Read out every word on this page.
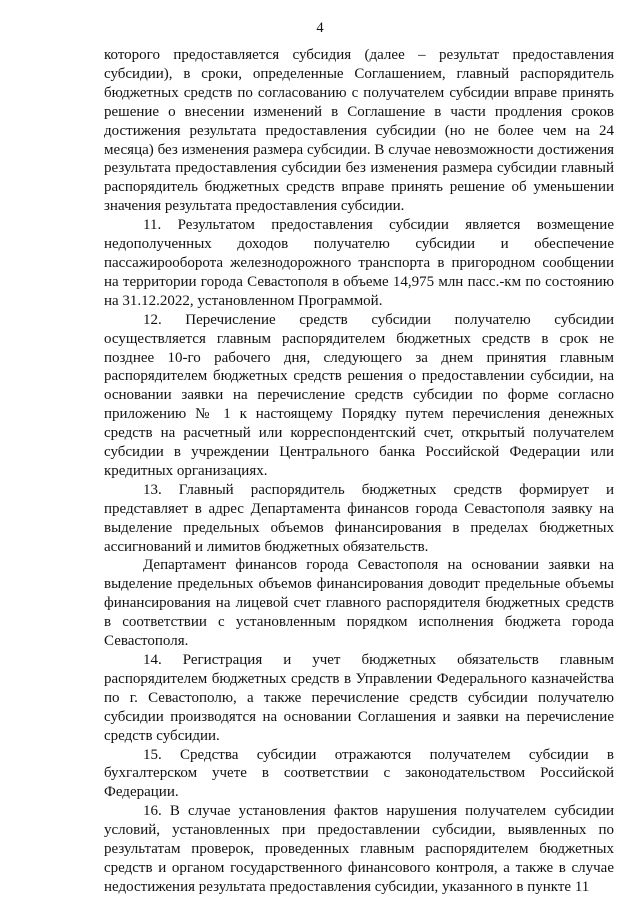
4

которого предоставляется субсидия (далее – результат предоставления субсидии), в сроки, определенные Соглашением, главный распорядитель бюджетных средств по согласованию с получателем субсидии вправе принять решение о внесении изменений в Соглашение в части продления сроков достижения результата предоставления субсидии (но не более чем на 24 месяца) без изменения размера субсидии. В случае невозможности достижения результата предоставления субсидии без изменения размера субсидии главный распорядитель бюджетных средств вправе принять решение об уменьшении значения результата предоставления субсидии.

11. Результатом предоставления субсидии является возмещение недополученных доходов получателю субсидии и обеспечение пассажирооборота железнодорожного транспорта в пригородном сообщении на территории города Севастополя в объеме 14,975 млн пасс.-км по состоянию на 31.12.2022, установленном Программой.

12. Перечисление средств субсидии получателю субсидии осуществляется главным распорядителем бюджетных средств в срок не позднее 10-го рабочего дня, следующего за днем принятия главным распорядителем бюджетных средств решения о предоставлении субсидии, на основании заявки на перечисление средств субсидии по форме согласно приложению № 1 к настоящему Порядку путем перечисления денежных средств на расчетный или корреспондентский счет, открытый получателем субсидии в учреждении Центрального банка Российской Федерации или кредитных организациях.

13. Главный распорядитель бюджетных средств формирует и представляет в адрес Департамента финансов города Севастополя заявку на выделение предельных объемов финансирования в пределах бюджетных ассигнований и лимитов бюджетных обязательств.

Департамент финансов города Севастополя на основании заявки на выделение предельных объемов финансирования доводит предельные объемы финансирования на лицевой счет главного распорядителя бюджетных средств в соответствии с установленным порядком исполнения бюджета города Севастополя.

14. Регистрация и учет бюджетных обязательств главным распорядителем бюджетных средств в Управлении Федерального казначейства по г. Севастополю, а также перечисление средств субсидии получателю субсидии производятся на основании Соглашения и заявки на перечисление средств субсидии.

15. Средства субсидии отражаются получателем субсидии в бухгалтерском учете в соответствии с законодательством Российской Федерации.

16. В случае установления фактов нарушения получателем субсидии условий, установленных при предоставлении субсидии, выявленных по результатам проверок, проведенных главным распорядителем бюджетных средств и органом государственного финансового контроля, а также в случае недостижения результата предоставления субсидии, указанного в пункте 11
